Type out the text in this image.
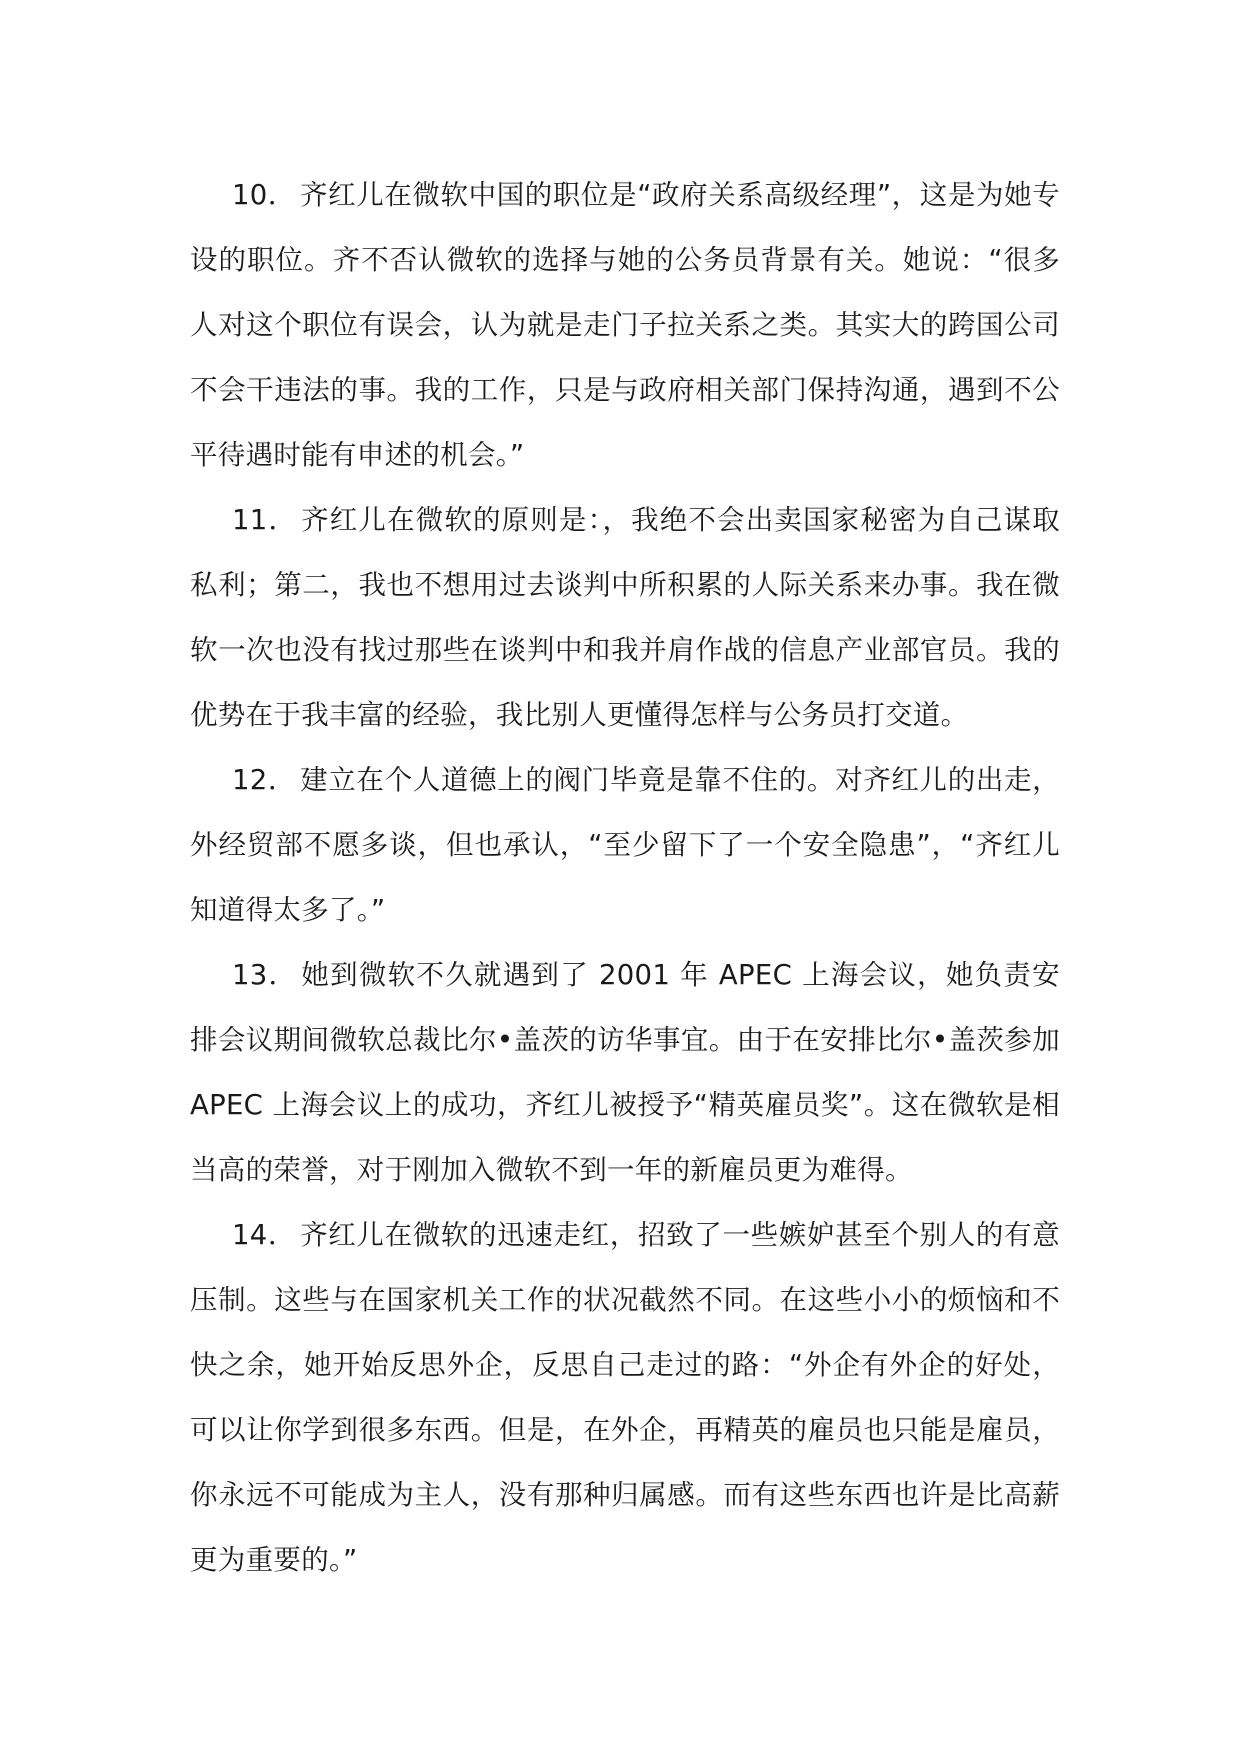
10． 齐红儿在微软中国的职位是“政府关系高级经理”，这是为她专设的职位。齐不否认微软的选择与她的公务员背景有关。她说：“很多人对这个职位有误会，认为就是走门子拉关系之类。其实大的跨国公司不会干违法的事。我的工作，只是与政府相关部门保持沟通，遇到不公平待遇时能有申述的机会。”

11． 齐红儿在微软的原则是：，我绝不会出卖国家秘密为自己谋取私利；第二，我也不想用过去谈判中所积累的人际关系来办事。我在微软一次也没有找过那些在谈判中和我并肩作战的信息产业部官员。我的优势在于我丰富的经验，我比别人更懂得怎样与公务员打交道。

12． 建立在个人道德上的阀门毕竟是靠不住的。对齐红儿的出走，外经贸部不愿多谈，但也承认，“至少留下了一个安全隐患”，“齐红儿知道得太多了。”

13． 她到微软不久就遇到了 2001 年 APEC 上海会议，她负责安排会议期间微软总裁比尔•盖茨的访华事宜。由于在安排比尔•盖茨参加 APEC 上海会议上的成功，齐红儿被授予“精英雇员奖”。这在微软是相当高的荣誉，对于刚加入微软不到一年的新雇员更为难得。

14． 齐红儿在微软的迅速走红，招致了一些嫉妒甚至个别人的有意压制。这些与在国家机关工作的状况截然不同。在这些小小的烦恼和不快之余，她开始反思外企，反思自己走过的路：“外企有外企的好处，可以让你学到很多东西。但是，在外企，再精英的雇员也只能是雇员，你永远不可能成为主人，没有那种归属感。而有这些东西也许是比高薪更为重要的。”
